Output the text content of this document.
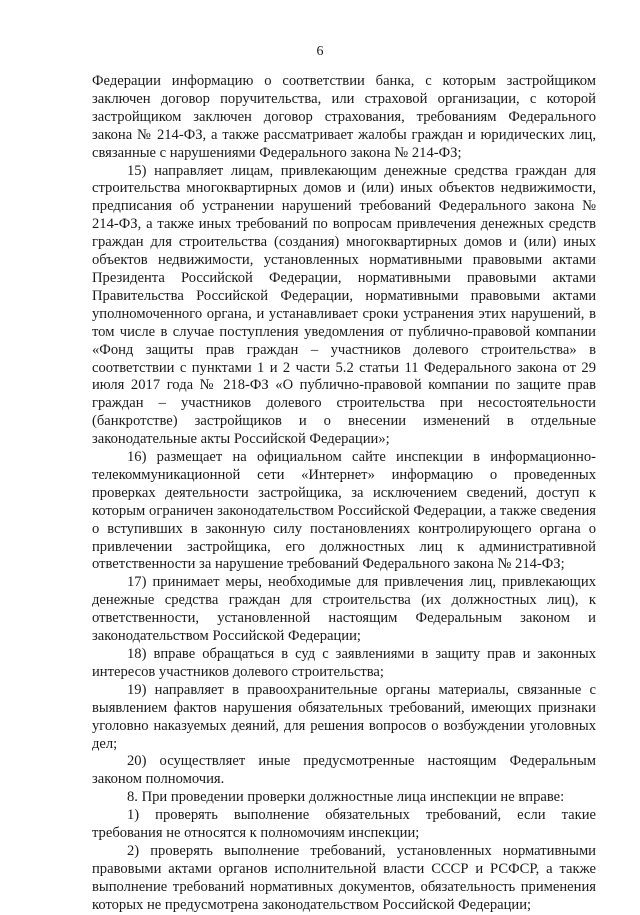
6

Федерации информацию о соответствии банка, с которым застройщиком заключен договор поручительства, или страховой организации, с которой застройщиком заключен договор страхования, требованиям Федерального закона № 214-ФЗ, а также рассматривает жалобы граждан и юридических лиц, связанные с нарушениями Федерального закона № 214-ФЗ;

15) направляет лицам, привлекающим денежные средства граждан для строительства многоквартирных домов и (или) иных объектов недвижимости, предписания об устранении нарушений требований Федерального закона № 214-ФЗ, а также иных требований по вопросам привлечения денежных средств граждан для строительства (создания) многоквартирных домов и (или) иных объектов недвижимости, установленных нормативными правовыми актами Президента Российской Федерации, нормативными правовыми актами Правительства Российской Федерации, нормативными правовыми актами уполномоченного органа, и устанавливает сроки устранения этих нарушений, в том числе в случае поступления уведомления от публично-правовой компании «Фонд защиты прав граждан – участников долевого строительства» в соответствии с пунктами 1 и 2 части 5.2 статьи 11 Федерального закона от 29 июля 2017 года № 218-ФЗ «О публично-правовой компании по защите прав граждан – участников долевого строительства при несостоятельности (банкротстве) застройщиков и о внесении изменений в отдельные законодательные акты Российской Федерации»;

16) размещает на официальном сайте инспекции в информационно-телекоммуникационной сети «Интернет» информацию о проведенных проверках деятельности застройщика, за исключением сведений, доступ к которым ограничен законодательством Российской Федерации, а также сведения о вступивших в законную силу постановлениях контролирующего органа о привлечении застройщика, его должностных лиц к административной ответственности за нарушение требований Федерального закона № 214-ФЗ;

17) принимает меры, необходимые для привлечения лиц, привлекающих денежные средства граждан для строительства (их должностных лиц), к ответственности, установленной настоящим Федеральным законом и законодательством Российской Федерации;

18) вправе обращаться в суд с заявлениями в защиту прав и законных интересов участников долевого строительства;

19) направляет в правоохранительные органы материалы, связанные с выявлением фактов нарушения обязательных требований, имеющих признаки уголовно наказуемых деяний, для решения вопросов о возбуждении уголовных дел;

20) осуществляет иные предусмотренные настоящим Федеральным законом полномочия.

8. При проведении проверки должностные лица инспекции не вправе:

1) проверять выполнение обязательных требований, если такие требования не относятся к полномочиям инспекции;

2) проверять выполнение требований, установленных нормативными правовыми актами органов исполнительной власти СССР и РСФСР, а также выполнение требований нормативных документов, обязательность применения которых не предусмотрена законодательством Российской Федерации;
